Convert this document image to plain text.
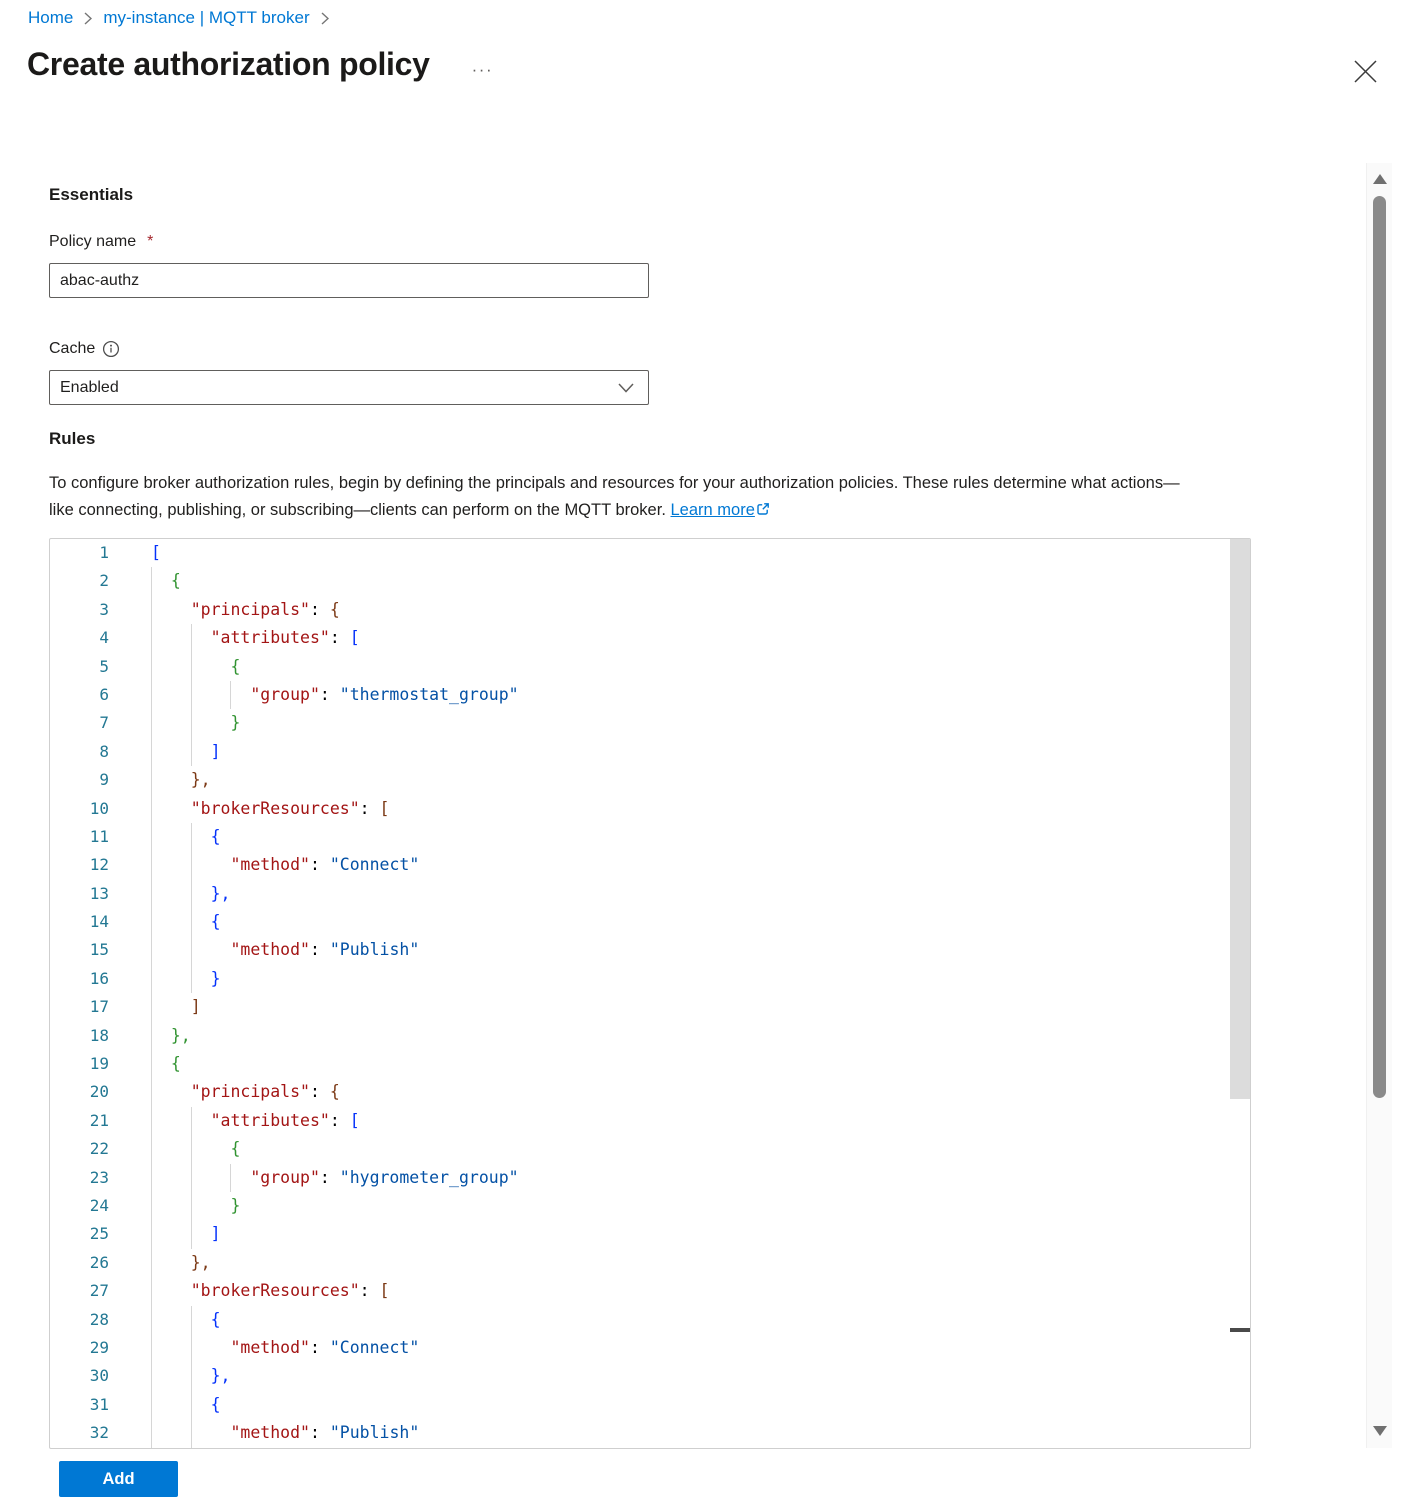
Home my-instance | MQTT broker
Create authorization policy ···
Essentials
Policy name *
abac-authz
Cache
Enabled
Rules

To configure broker authorization rules, begin by defining the principals and resources for your authorization policies. These rules determine what actions—like connecting, publishing, or subscribing—clients can perform on the MQTT broker. Learn more

1	[
2	{
3	"principals": {
4	"attributes": [
5	{
6	"group": "thermostat_group"
7	}
8	]
9	},
10	"brokerResources": [
11	{
12	"method": "Connect"
13	},
14	{
15	"method": "Publish"
16	}
17	]
18	},
19	{
20	"principals": {
21	"attributes": [
22	{
23	"group": "hygrometer_group"
24	}
25	]
26	},
27	"brokerResources": [
28	{
29	"method": "Connect"
30	},
31	{
32	"method": "Publish"
Add
